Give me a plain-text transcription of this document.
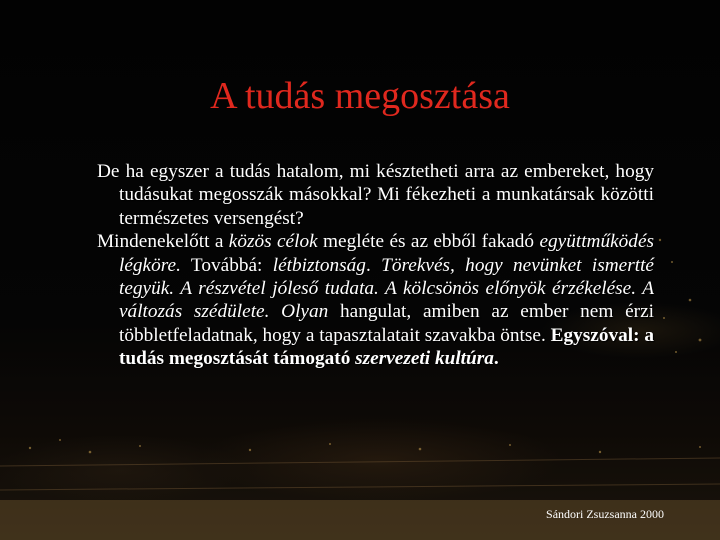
A tudás megosztása

De ha egyszer a tudás hatalom, mi késztetheti arra az embereket, hogy tudásukat megosszák másokkal? Mi fékezheti a munkatársak közötti természetes versengést?

Mindenekelőtt a közös célok megléte és az ebből fakadó együttműködés légköre. Továbbá: létbiztonság. Törekvés, hogy nevünket ismertté tegyük. A részvétel jóleső tudata. A kölcsönös előnyök érzékelése. A változás szédülete. Olyan hangulat, amiben az ember nem érzi többletfeladatnak, hogy a tapasztalatait szavakba öntse. Egyszóval: a tudás megosztását támogató szervezeti kultúra.

Sándori Zsuzsanna 2000
